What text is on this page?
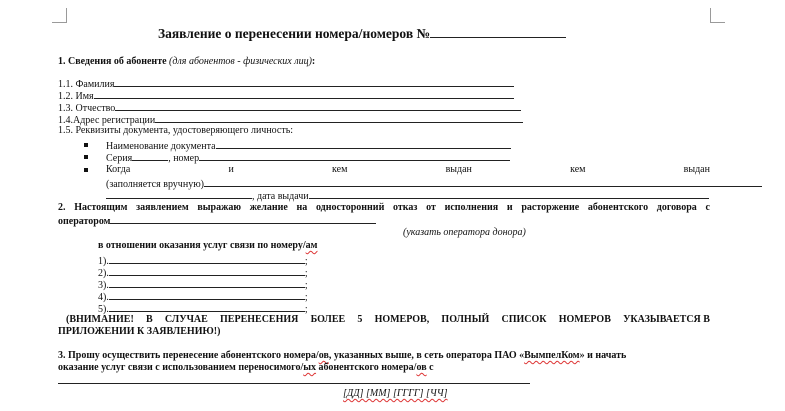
Заявление о перенесении номера/номеров №
1. Сведения об абоненте (для абонентов - физических лиц):
1.1. Фамилия
1.2. Имя
1.3. Отчество
1.4.Адрес регистрации
1.5. Реквизиты документа, удостоверяющего личность:
Наименование документа
Серия	, номер
Когда	и	кем	выдан	кем	выдан
(заполняется вручную)
, дата выдачи
2. Настоящим заявлением выражаю желание на односторонний отказ от исполнения и расторжение абонентского договора с
оператором
(указать оператора донора)
в отношении оказания услуг связи по номеру/ам
1).	;
2).	;
3).	;
4).	;
5).	;
(ВНИМАНИЕ! В СЛУЧАЕ ПЕРЕНЕСЕНИЯ БОЛЕЕ 5 НОМЕРОВ, ПОЛНЫЙ СПИСОК НОМЕРОВ УКАЗЫВАЕТСЯ В
ПРИЛОЖЕНИИ К ЗАЯВЛЕНИЮ!)
3. Прошу осуществить перенесение абонентского номера/ов, указанных выше, в сеть оператора ПАО «ВымпелКом» и начать
оказание услуг связи с использованием переносимого/ых абонентского номера/ов с
[ДД] [ММ] [ГГГГ] [ЧЧ]
